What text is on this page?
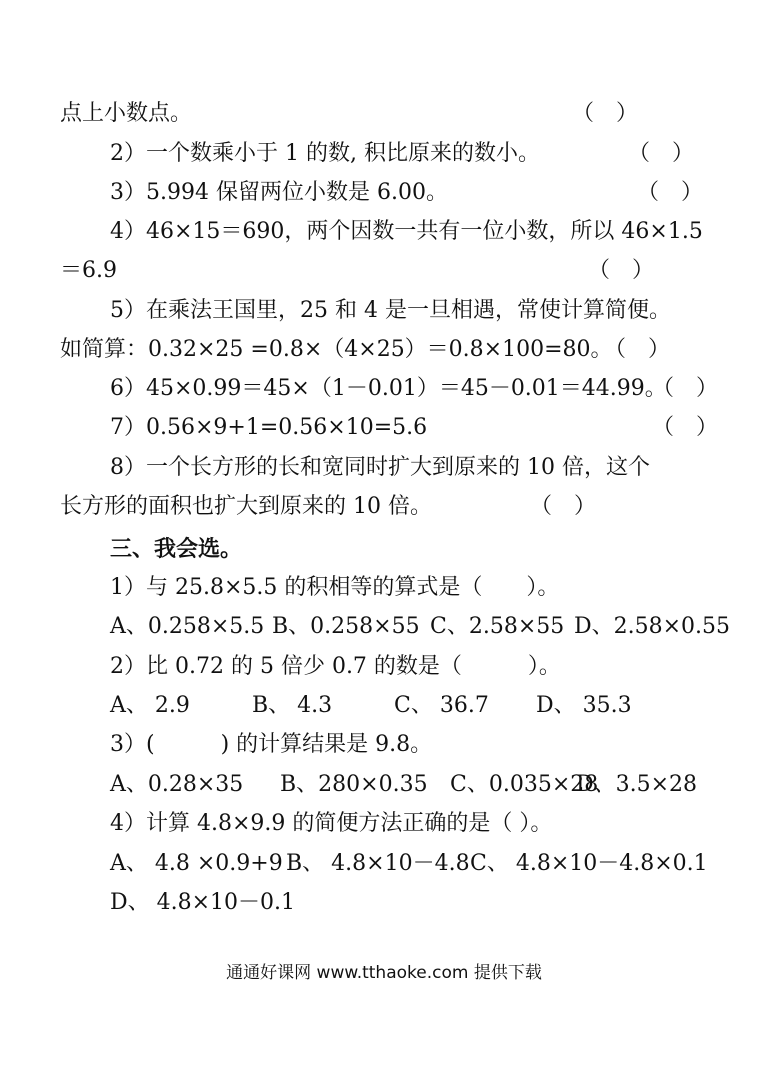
点上小数点。	（　）
2）一个数乘小于 1 的数, 积比原来的数小。	（　）
3）5.994 保留两位小数是 6.00。	（　）
4）46×15＝690，两个因数一共有一位小数，所以 46×1.5
＝6.9	（　）
5）在乘法王国里，25 和 4 是一旦相遇，常使计算简便。
如简算：0.32×25 =0.8×（4×25）＝0.8×100=80。
（　）
6）45×0.99＝45×（1－0.01）＝45－0.01＝44.99。
（　）
7）0.56×9+1=0.56×10=5.6	（　）
8）一个长方形的长和宽同时扩大到原来的 10 倍，这个
长方形的面积也扩大到原来的 10 倍。	（　）
三、我会选。
1）与 25.8×5.5 的积相等的算式是（　　）。
A、0.258×5.5 B、0.258×55 C、2.58×55 D、2.58×0.55
2）比 0.72 的 5 倍少 0.7 的数是（　　　）。
A、 2.9	B、 4.3	C、 36.7 D、 35.3
3）(　　　) 的计算结果是 9.8。
A、0.28×35 B、280×0.35 C、0.035×28
D、3.5×28
4）计算 4.8×9.9 的简便方法正确的是（ ）。
A、 4.8 ×0.9+9 B、 4.8×10－4.8 C、 4.8×10－4.8×0.1
D、 4.8×10－0.1
通通好课网 www.tthaoke.com 提供下载
